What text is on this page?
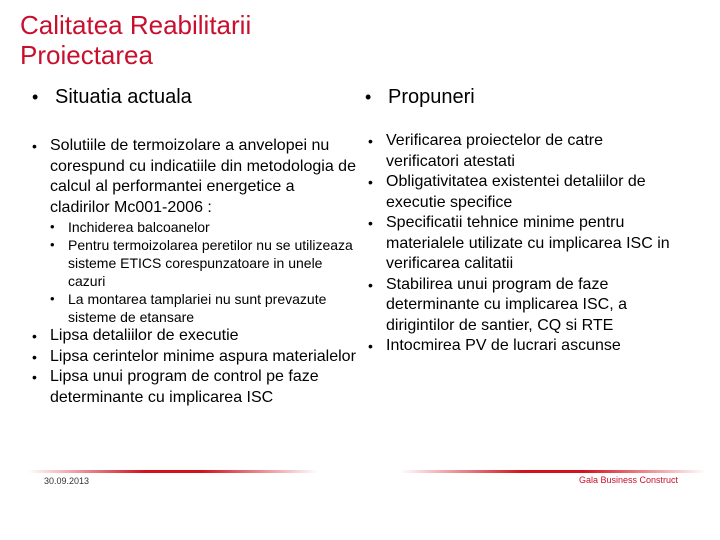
Calitatea Reabilitarii
Proiectarea
• Situatia actuala	• Propuneri
• Solutiile de termoizolare a anvelopei nu corespund cu indicatiile din metodologia de calcul al performantei energetice a cladirilor Mc001-2006 :
• Inchiderea balcoanelor
• Pentru termoizolarea peretilor nu se utilizeaza sisteme ETICS corespunzatoare in unele cazuri
• La montarea tamplariei nu sunt prevazute sisteme de etansare
• Lipsa detaliilor de executie
• Lipsa cerintelor minime aspura materialelor
• Lipsa unui program de control pe faze determinante cu implicarea ISC
• Verificarea proiectelor de catre verificatori atestati
• Obligativitatea existentei detaliilor de executie specifice
• Specificatii tehnice minime pentru materialele utilizate cu implicarea ISC in verificarea calitatii
• Stabilirea unui program de faze determinante cu implicarea ISC, a dirigintilor de santier, CQ si RTE
• Intocmirea PV de lucrari ascunse
30.09.2013	Gala Business Construct
